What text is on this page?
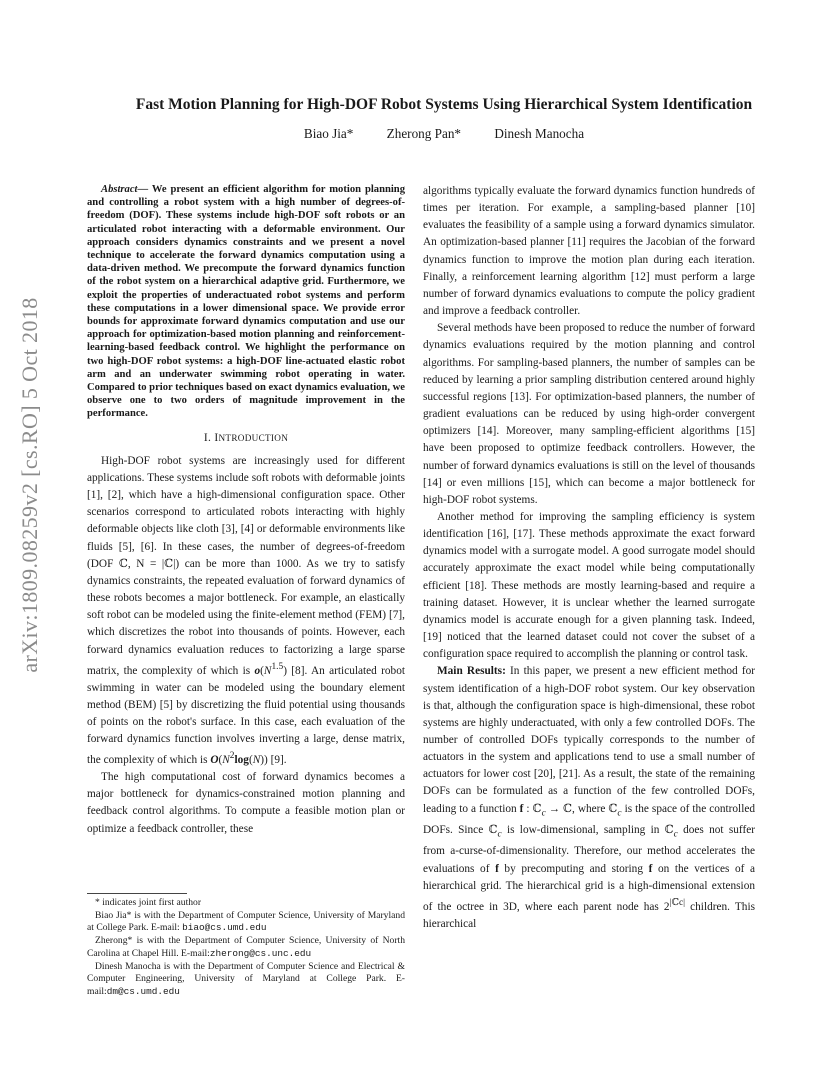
arXiv:1809.08259v2 [cs.RO] 5 Oct 2018
Fast Motion Planning for High-DOF Robot Systems Using Hierarchical System Identification
Biao Jia*	Zherong Pan*	Dinesh Manocha

Abstract— We present an efficient algorithm for motion planning and controlling a robot system with a high number of degrees-of-freedom (DOF). These systems include high-DOF soft robots or an articulated robot interacting with a deformable environment. Our approach considers dynamics constraints and we present a novel technique to accelerate the forward dynamics computation using a data-driven method. We precompute the forward dynamics function of the robot system on a hierarchical adaptive grid. Furthermore, we exploit the properties of underactuated robot systems and perform these computations in a lower dimensional space. We provide error bounds for approximate forward dynamics computation and use our approach for optimization-based motion planning and reinforcement-learning-based feedback control. We highlight the performance on two high-DOF robot systems: a high-DOF line-actuated elastic robot arm and an underwater swimming robot operating in water. Compared to prior techniques based on exact dynamics evaluation, we observe one to two orders of magnitude improvement in the performance.

I. INTRODUCTION

High-DOF robot systems are increasingly used for different applications. These systems include soft robots with deformable joints [1], [2], which have a high-dimensional configuration space. Other scenarios correspond to articulated robots interacting with highly deformable objects like cloth [3], [4] or deformable environments like fluids [5], [6]. In these cases, the number of degrees-of-freedom (DOF ℂ, N = |ℂ|) can be more than 1000. As we try to satisfy dynamics constraints, the repeated evaluation of forward dynamics of these robots becomes a major bottleneck. For example, an elastically soft robot can be modeled using the finite-element method (FEM) [7], which discretizes the robot into thousands of points. However, each forward dynamics evaluation reduces to factorizing a large sparse matrix, the complexity of which is $o(N^{1.5})$ [8]. An articulated robot swimming in water can be modeled using the boundary element method (BEM) [5] by discretizing the fluid potential using thousands of points on the robot's surface. In this case, each evaluation of the forward dynamics function involves inverting a large, dense matrix, the complexity of which is $O(N^2\log(N))$ [9].

The high computational cost of forward dynamics becomes a major bottleneck for dynamics-constrained motion planning and feedback control algorithms. To compute a feasible motion plan or optimize a feedback controller, these

* indicates joint first author

Biao Jia* is with the Department of Computer Science, University of Maryland at College Park. E-mail: biao@cs.umd.edu

Zherong* is with the Department of Computer Science, University of North Carolina at Chapel Hill. E-mail:zherong@cs.unc.edu

Dinesh Manocha is with the Department of Computer Science and Electrical & Computer Engineering, University of Maryland at College Park. E-mail:dm@cs.umd.edu

algorithms typically evaluate the forward dynamics function hundreds of times per iteration. For example, a sampling-based planner [10] evaluates the feasibility of a sample using a forward dynamics simulator. An optimization-based planner [11] requires the Jacobian of the forward dynamics function to improve the motion plan during each iteration. Finally, a reinforcement learning algorithm [12] must perform a large number of forward dynamics evaluations to compute the policy gradient and improve a feedback controller.

Several methods have been proposed to reduce the number of forward dynamics evaluations required by the motion planning and control algorithms. For sampling-based planners, the number of samples can be reduced by learning a prior sampling distribution centered around highly successful regions [13]. For optimization-based planners, the number of gradient evaluations can be reduced by using high-order convergent optimizers [14]. Moreover, many sampling-efficient algorithms [15] have been proposed to optimize feedback controllers. However, the number of forward dynamics evaluations is still on the level of thousands [14] or even millions [15], which can become a major bottleneck for high-DOF robot systems.

Another method for improving the sampling efficiency is system identification [16], [17]. These methods approximate the exact forward dynamics model with a surrogate model. A good surrogate model should accurately approximate the exact model while being computationally efficient [18]. These methods are mostly learning-based and require a training dataset. However, it is unclear whether the learned surrogate dynamics model is accurate enough for a given planning task. Indeed, [19] noticed that the learned dataset could not cover the subset of a configuration space required to accomplish the planning or control task.

Main Results: In this paper, we present a new efficient method for system identification of a high-DOF robot system. Our key observation is that, although the configuration space is high-dimensional, these robot systems are highly underactuated, with only a few controlled DOFs. The number of controlled DOFs typically corresponds to the number of actuators in the system and applications tend to use a small number of actuators for lower cost [20], [21]. As a result, the state of the remaining DOFs can be formulated as a function of the few controlled DOFs, leading to a function f : ℂ$_c$ → ℂ, where ℂ$_c$ is the space of the controlled DOFs. Since ℂ$_c$ is low-dimensional, sampling in ℂ$_c$ does not suffer from a-curse-of-dimensionality. Therefore, our method accelerates the evaluations of f by precomputing and storing f on the vertices of a hierarchical grid. The hierarchical grid is a high-dimensional extension of the octree in 3D, where each parent node has $2^{|ℂc|}$ children. This hierarchical
